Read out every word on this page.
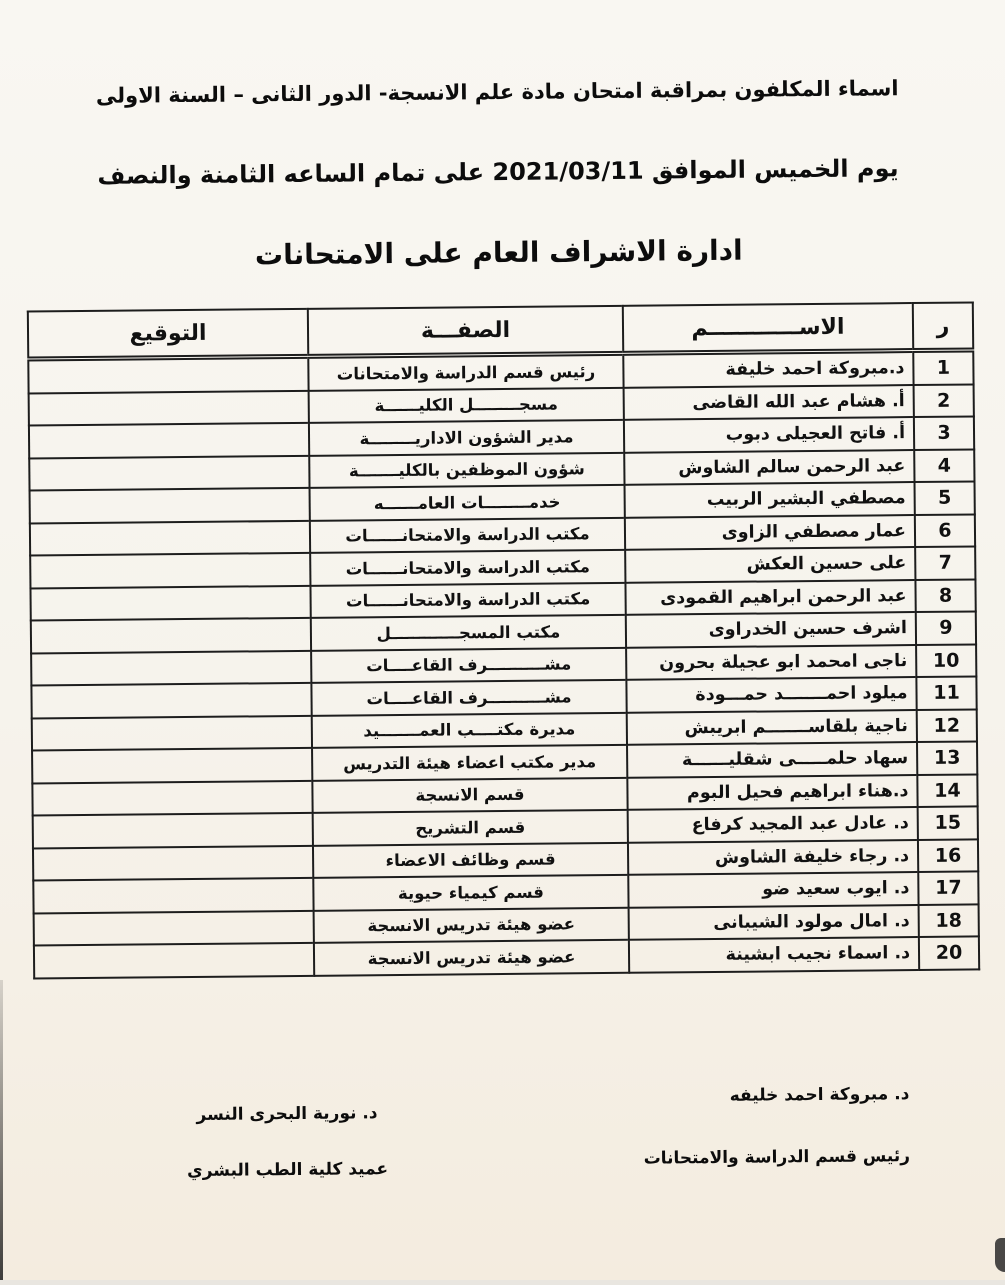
اسماء المكلفون بمراقبة امتحان مادة علم الانسجة- الدور الثانى – السنة الاولى
يوم الخميس الموافق 2021/03/11 على تمام الساعه الثامنة والنصف
ادارة الاشراف العام على الامتحانات
ر	الاســــــــــــم	الصفـــة	التوقيع
1	د.مبروكة احمد خليفة	رئيس قسم الدراسة والامتحانات	
2	أ. هشام عبد الله القاضى	مسجــــــــل الكليــــــة	
3	أ. فاتح العجيلى دبوب	مدير الشؤون الاداريــــــــة	
4	عبد الرحمن سالم الشاوش	شؤون الموظفين بالكليـــــــة	
5	مصطفي البشير الربيب	خدمــــــــات العامــــــه	
6	عمار مصطفي الزاوى	مكتب الدراسة والامتحانــــــات	
7	على حسين العكش	مكتب الدراسة والامتحانــــــات	
8	عبد الرحمن ابراهيم القمودى	مكتب الدراسة والامتحانــــــات	
9	اشرف حسين الخدراوى	مكتب المسجــــــــــــل	
10	ناجى امحمد ابو عجيلة بحرون	مشــــــــــرف القاعــــات	
11	ميلود احمـــــــد حمـــودة	مشــــــــــرف القاعــــات	
12	ناجية بلقاســـــــم ابريبش	مديرة مكتــــب العمـــــــيد	
13	سهاد حلمـــــى شقليــــــة	مدير مكتب اعضاء هيئة التدريس	
14	د.هناء ابراهيم فحيل البوم	قسم الانسجة	
15	د. عادل عبد المجيد كرفاع	قسم التشريح	
16	د. رجاء خليفة الشاوش	قسم وظائف الاعضاء	
17	د. ايوب سعيد ضو	قسم كيمياء حيوية	
18	د. امال مولود الشيبانى	عضو هيئة تدريس الانسجة	
20	د. اسماء نجيب ابشينة	عضو هيئة تدريس الانسجة	
د. مبروكة احمد خليفه
رئيس قسم الدراسة والامتحانات
د. نورية البحرى النسر
عميد كلية الطب البشري
